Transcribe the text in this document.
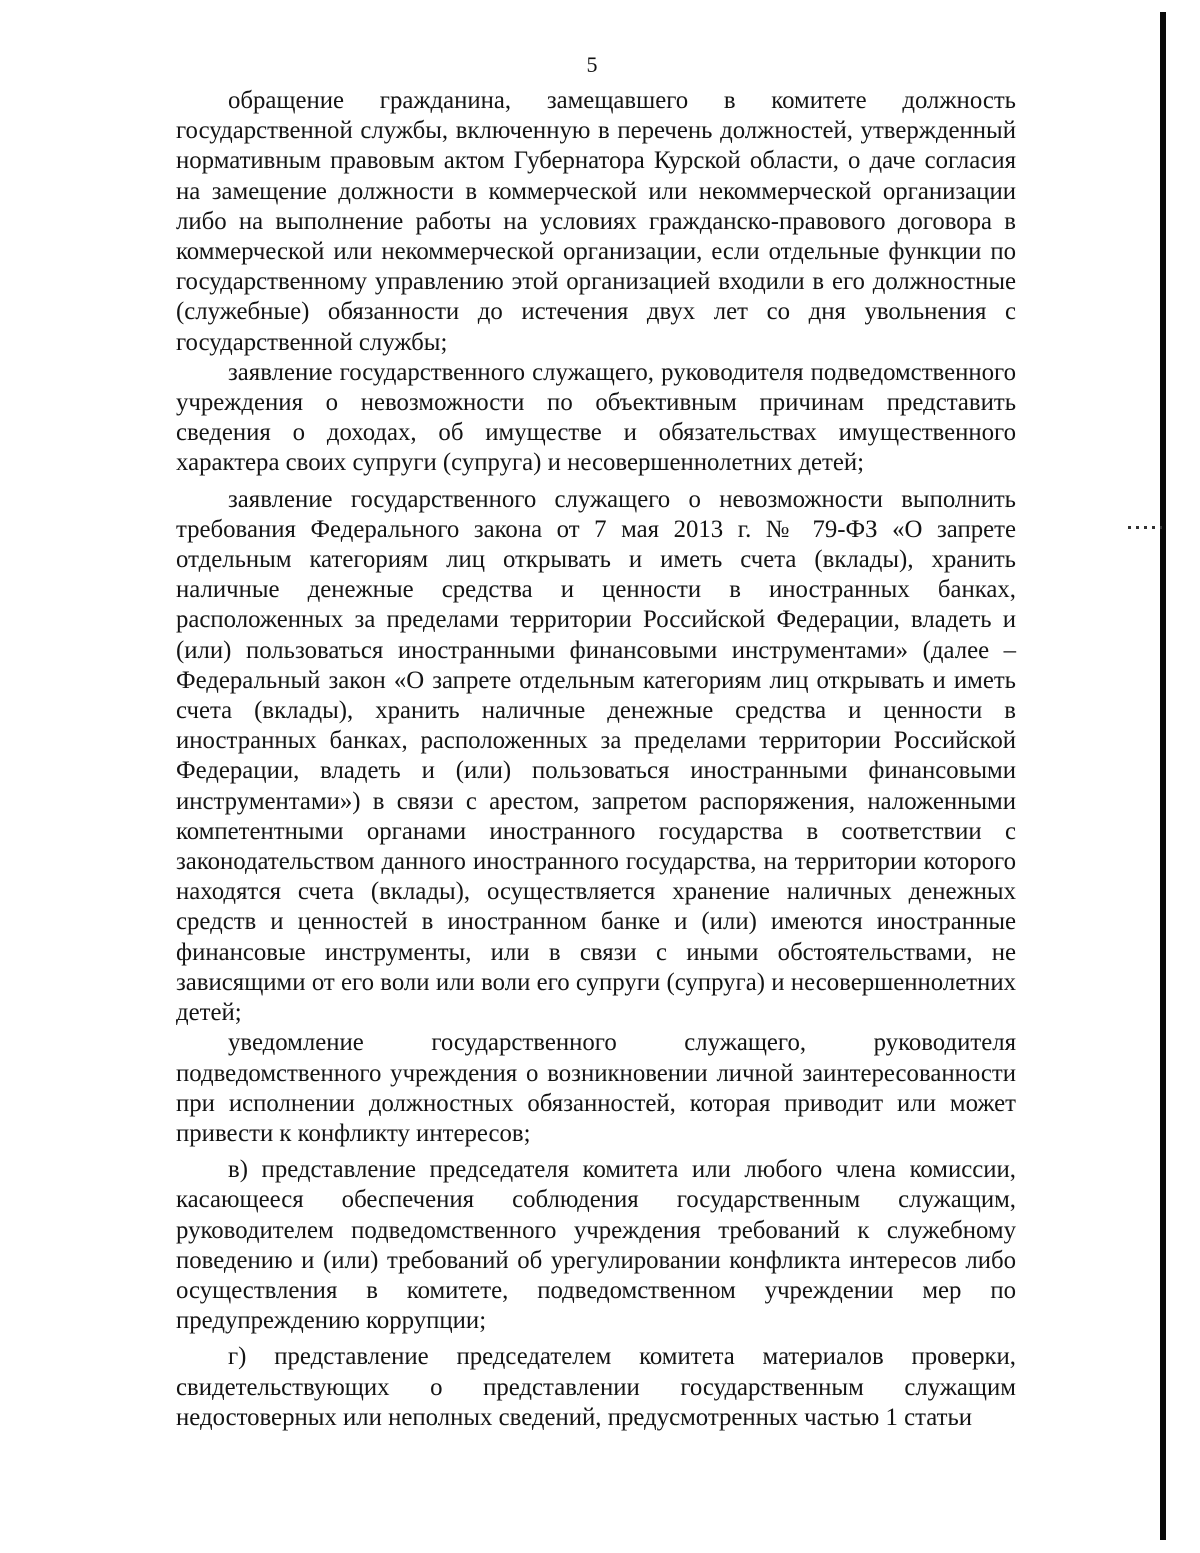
5

обращение гражданина, замещавшего в комитете должность государственной службы, включенную в перечень должностей, утвержденный нормативным правовым актом Губернатора Курской области, о даче согласия на замещение должности в коммерческой или некоммерческой организации либо на выполнение работы на условиях гражданско-правового договора в коммерческой или некоммерческой организации, если отдельные функции по государственному управлению этой организацией входили в его должностные (служебные) обязанности до истечения двух лет со дня увольнения с государственной службы;

заявление государственного служащего, руководителя подведомственного учреждения о невозможности по объективным причинам представить сведения о доходах, об имуществе и обязательствах имущественного характера своих супруги (супруга) и несовершеннолетних детей;

заявление государственного служащего о невозможности выполнить требования Федерального закона от 7 мая 2013 г. № 79-ФЗ «О запрете отдельным категориям лиц открывать и иметь счета (вклады), хранить наличные денежные средства и ценности в иностранных банках, расположенных за пределами территории Российской Федерации, владеть и (или) пользоваться иностранными финансовыми инструментами» (далее – Федеральный закон «О запрете отдельным категориям лиц открывать и иметь счета (вклады), хранить наличные денежные средства и ценности в иностранных банках, расположенных за пределами территории Российской Федерации, владеть и (или) пользоваться иностранными финансовыми инструментами») в связи с арестом, запретом распоряжения, наложенными компетентными органами иностранного государства в соответствии с законодательством данного иностранного государства, на территории которого находятся счета (вклады), осуществляется хранение наличных денежных средств и ценностей в иностранном банке и (или) имеются иностранные финансовые инструменты, или в связи с иными обстоятельствами, не зависящими от его воли или воли его супруги (супруга) и несовершеннолетних детей;

уведомление государственного служащего, руководителя подведомственного учреждения о возникновении личной заинтересованности при исполнении должностных обязанностей, которая приводит или может привести к конфликту интересов;

в) представление председателя комитета или любого члена комиссии, касающееся обеспечения соблюдения государственным служащим, руководителем подведомственного учреждения требований к служебному поведению и (или) требований об урегулировании конфликта интересов либо осуществления в комитете, подведомственном учреждении мер по предупреждению коррупции;

г) представление председателем комитета материалов проверки, свидетельствующих о представлении государственным служащим недостоверных или неполных сведений, предусмотренных частью 1 статьи
